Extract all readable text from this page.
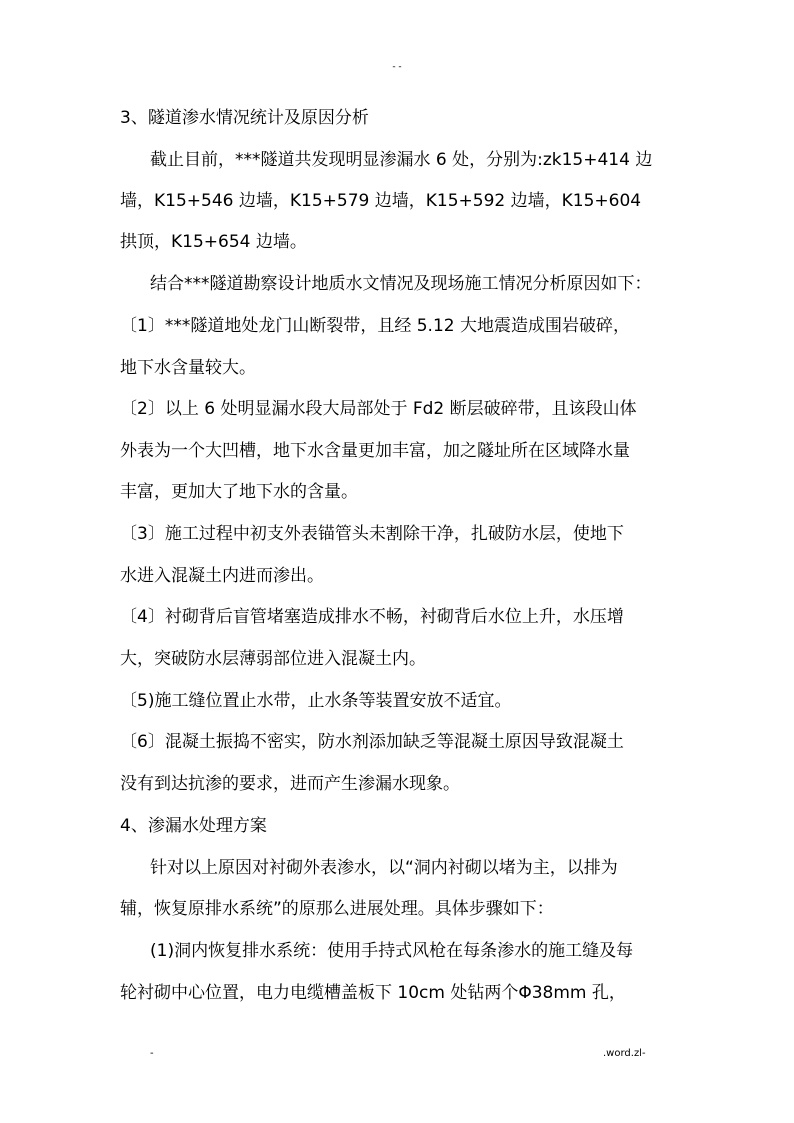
- -
3、隧道渗水情况统计及原因分析
截止目前，***隧道共发现明显渗漏水 6 处，分别为:zk15+414 边
墙，K15+546 边墙，K15+579 边墙，K15+592 边墙，K15+604
拱顶，K15+654 边墙。
结合***隧道勘察设计地质水文情况及现场施工情况分析原因如下：
〔1〕***隧道地处龙门山断裂带，且经 5.12 大地震造成围岩破碎，
地下水含量较大。
〔2〕以上 6 处明显漏水段大局部处于 Fd2 断层破碎带，且该段山体
外表为一个大凹槽，地下水含量更加丰富，加之隧址所在区域降水量
丰富，更加大了地下水的含量。
〔3〕施工过程中初支外表锚管头未割除干净，扎破防水层，使地下
水进入混凝土内进而渗出。
〔4〕衬砌背后盲管堵塞造成排水不畅，衬砌背后水位上升，水压增
大，突破防水层薄弱部位进入混凝土内。
〔5)施工缝位置止水带，止水条等装置安放不适宜。
〔6〕混凝土振捣不密实，防水剂添加缺乏等混凝土原因导致混凝土
没有到达抗渗的要求，进而产生渗漏水现象。
4、渗漏水处理方案
针对以上原因对衬砌外表渗水，以“洞内衬砌以堵为主，以排为
辅，恢复原排水系统”的原那么进展处理。具体步骤如下：
(1)洞内恢复排水系统：使用手持式风枪在每条渗水的施工缝及每
轮衬砌中心位置，电力电缆槽盖板下 10cm 处钻两个Φ38mm 孔，
-	.word.zl-
